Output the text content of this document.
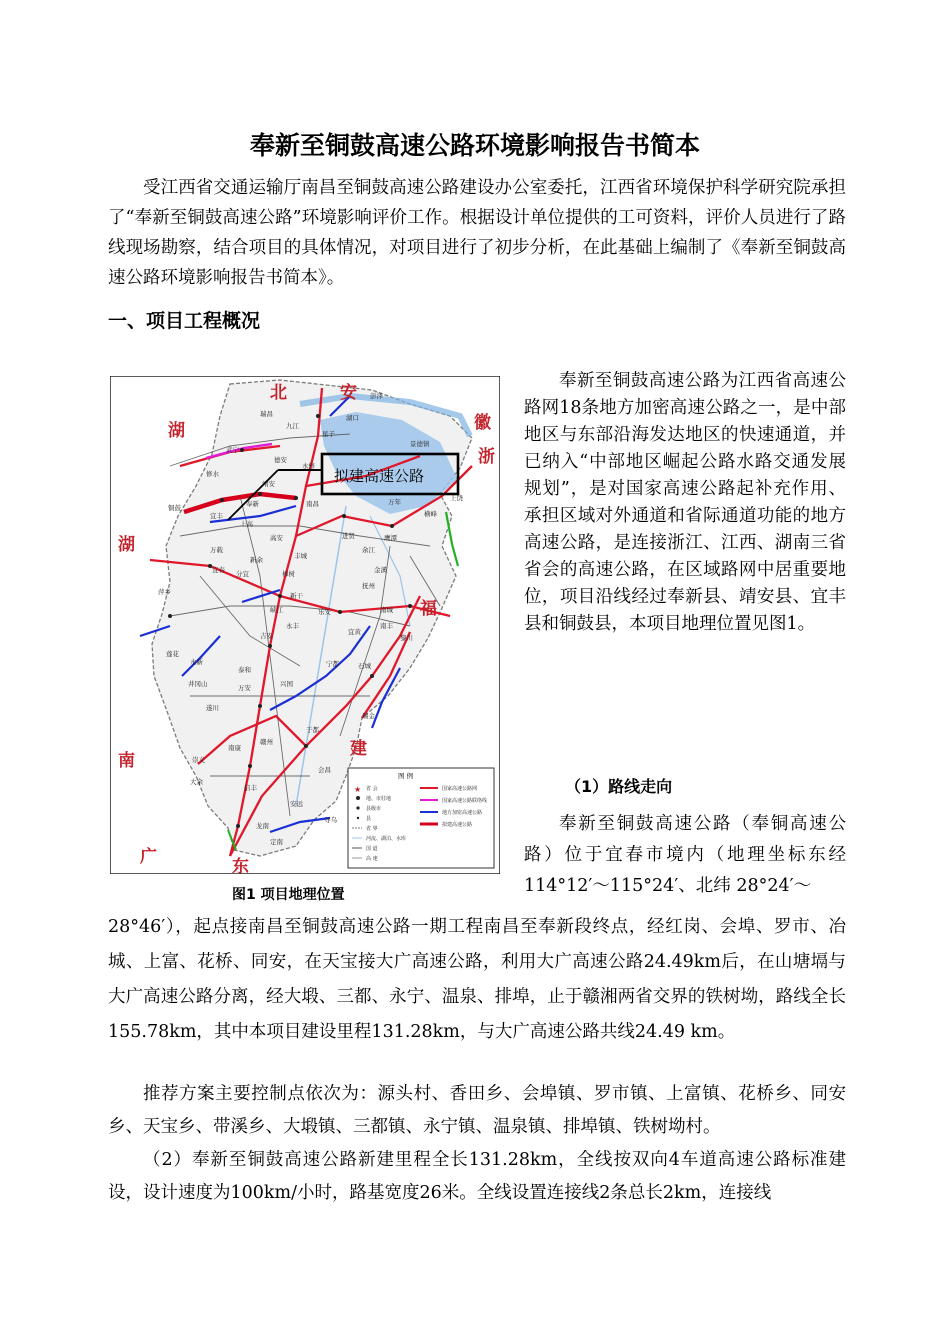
奉新至铜鼓高速公路环境影响报告书简本
受江西省交通运输厅南昌至铜鼓高速公路建设办公室委托，江西省环境保护科学研究院承担了“奉新至铜鼓高速公路”环境影响评价工作。根据设计单位提供的工可资料，评价人员进行了路线现场勘察，结合项目的具体情况，对项目进行了初步分析，在此基础上编制了《奉新至铜鼓高速公路环境影响报告书简本》。
一、项目工程概况
北	安
徽
湖
浙
湖
福
南
建
广	东
九江
瑞昌
星子
武宁
修水
彭泽
湖口
景德镇
德安
永修
靖安
奉新
宜丰
铜鼓	南昌	万年
横峰
上饶
鹰潭
余江
进贤
丰城
高安
上高
万载
宜春 分宜
新余
樟树
新干
峡江
吉安
永丰
乐安
宜黄
南城
黎川
南丰
抚州
金溪
萍乡
莲花
永新
井冈山
泰和
遂川
万安	兴国
宁都	石城
瑞金
赣州
南康
信丰
龙南
安远
寻乌
定南
大余
崇义
会昌
于都
拟建高速公路
图 例
省 会
地、市驻地
县级市
县
省 界
河流、湖泊、水库
国 道
高 速
国家高速公路网
国家高速公路联络线
地方加密高速公路
拟建高速公路
★
图1 项目地理位置
奉新至铜鼓高速公路为江西省高速公路网18条地方加密高速公路之一，是中部地区与东部沿海发达地区的快速通道，并已纳入“中部地区崛起公路水路交通发展规划”，是对国家高速公路起补充作用、承担区域对外通道和省际通道功能的地方高速公路，是连接浙江、江西、湖南三省省会的高速公路，在区域路网中居重要地位，项目沿线经过奉新县、靖安县、宜丰县和铜鼓县，本项目地理位置见图1。
（1）路线走向
奉新至铜鼓高速公路（奉铜高速公路）位于宜春市境内（地理坐标东经 114°12′～115°24′、北纬 28°24′～
28°46′），起点接南昌至铜鼓高速公路一期工程南昌至奉新段终点，经红岗、会埠、罗市、冶城、上富、花桥、同安，在天宝接大广高速公路，利用大广高速公路24.49km后，在山塘塥与大广高速公路分离，经大塅、三都、永宁、温泉、排埠，止于赣湘两省交界的铁树坳，路线全长155.78km，其中本项目建设里程131.28km，与大广高速公路共线24.49 km。
推荐方案主要控制点依次为：源头村、香田乡、会埠镇、罗市镇、上富镇、花桥乡、同安乡、天宝乡、带溪乡、大塅镇、三都镇、永宁镇、温泉镇、排埠镇、铁树坳村。
（2）奉新至铜鼓高速公路新建里程全长131.28km，全线按双向4车道高速公路标准建设，设计速度为100km/小时，路基宽度26米。全线设置连接线2条总长2km，连接线
